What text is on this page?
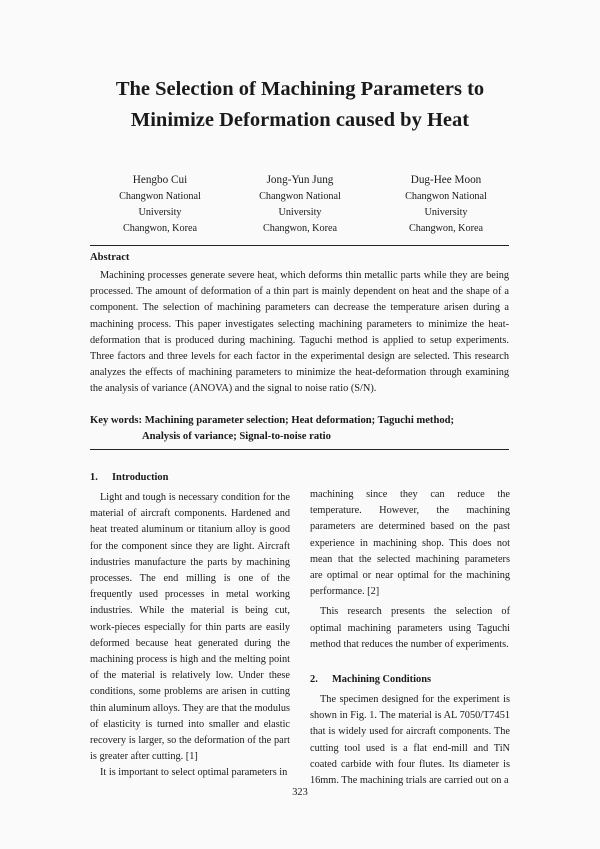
The Selection of Machining Parameters to
Minimize Deformation caused by Heat
Hengbo Cui
Changwon National
University
Changwon, Korea
Jong-Yun Jung
Changwon National
University
Changwon, Korea
Dug-Hee Moon
Changwon National
University
Changwon, Korea
Abstract
Machining processes generate severe heat, which deforms thin metallic parts while they are being processed. The amount of deformation of a thin part is mainly dependent on heat and the shape of a component. The selection of machining parameters can decrease the temperature arisen during a machining process. This paper investigates selecting machining parameters to minimize the heat-deformation that is produced during machining. Taguchi method is applied to setup experiments. Three factors and three levels for each factor in the experimental design are selected. This research analyzes the effects of machining parameters to minimize the heat-deformation through examining the analysis of variance (ANOVA) and the signal to noise ratio (S/N).
Key words: Machining parameter selection; Heat deformation; Taguchi method;
Analysis of variance; Signal-to-noise ratio
1. Introduction

Light and tough is necessary condition for the material of aircraft components. Hardened and heat treated aluminum or titanium alloy is good for the component since they are light. Aircraft industries manufacture the parts by machining processes. The end milling is one of the frequently used processes in metal working industries. While the material is being cut, work-pieces especially for thin parts are easily deformed because heat generated during the machining process is high and the melting point of the material is relatively low. Under these conditions, some problems are arisen in cutting thin aluminum alloys. They are that the modulus of elasticity is turned into smaller and elastic recovery is larger, so the deformation of the part is greater after cutting. [1]

It is important to select optimal parameters in

machining since they can reduce the temperature. However, the machining parameters are determined based on the past experience in machining shop. This does not mean that the selected machining parameters are optimal or near optimal for the machining performance. [2]

This research presents the selection of optimal machining parameters using Taguchi method that reduces the number of experiments.

2. Machining Conditions

The specimen designed for the experiment is shown in Fig. 1. The material is AL 7050/T7451 that is widely used for aircraft components. The cutting tool used is a flat end-mill and TiN coated carbide with four flutes. Its diameter is 16mm. The machining trials are carried out on a

323
